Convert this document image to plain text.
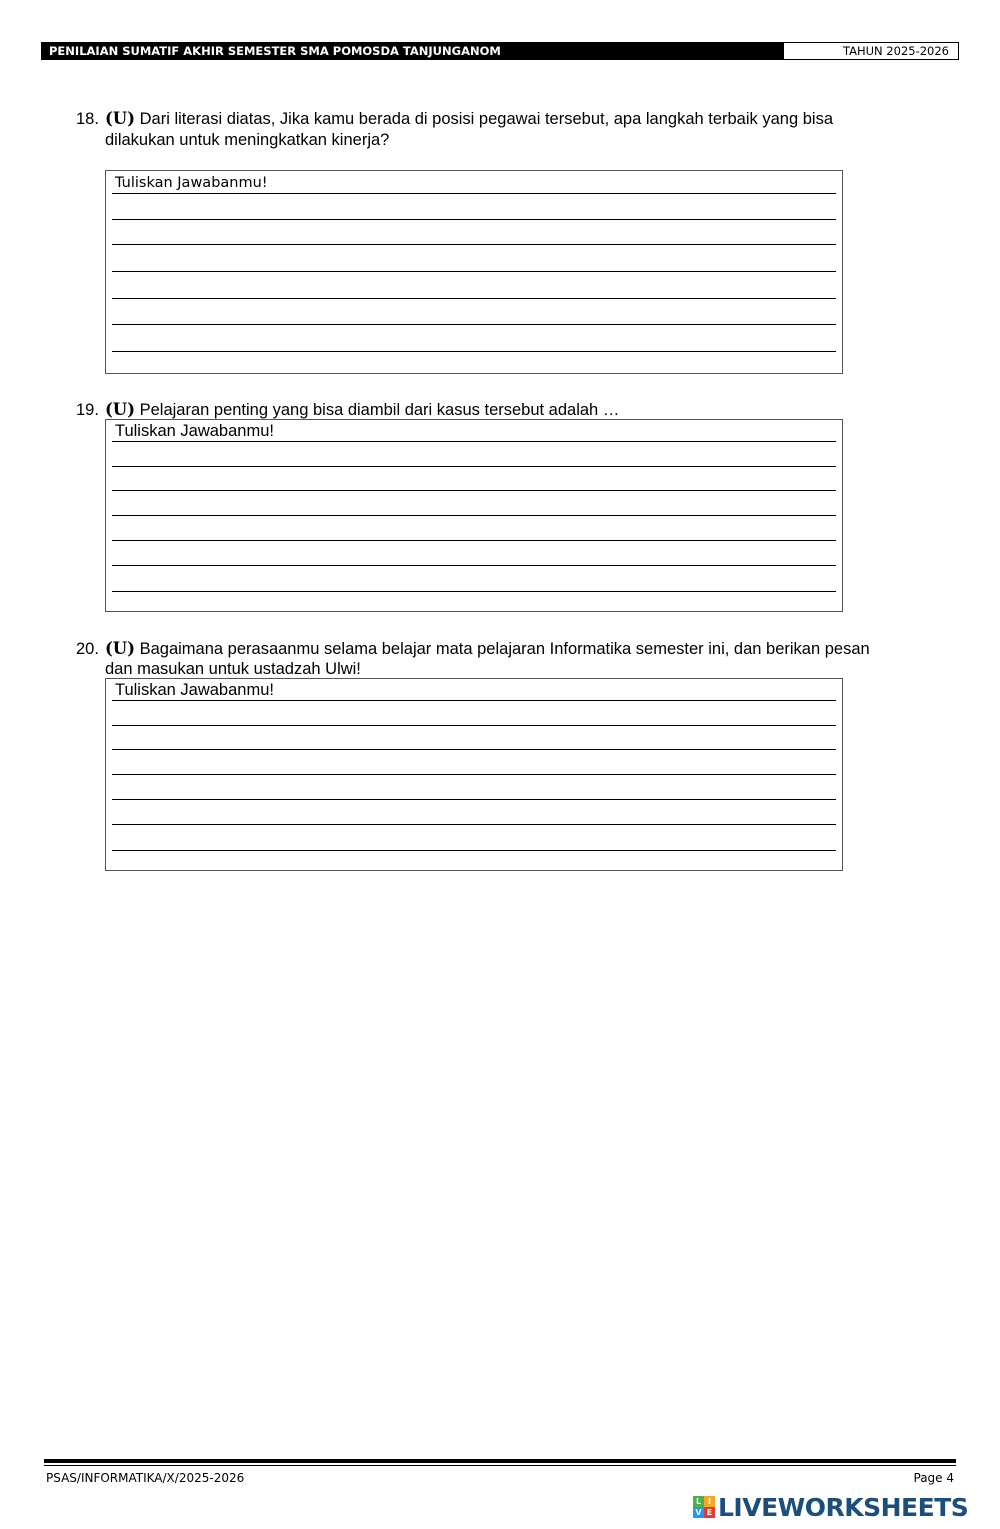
PENILAIAN SUMATIF AKHIR SEMESTER SMA POMOSDA TANJUNGANOM	TAHUN 2025-2026
18. (U) Dari literasi diatas, Jika kamu berada di posisi pegawai tersebut, apa langkah terbaik yang bisa
dilakukan untuk meningkatkan kinerja?
Tuliskan Jawabanmu!
19. (U) Pelajaran penting yang bisa diambil dari kasus tersebut adalah …
Tuliskan Jawabanmu!
20. (U) Bagaimana perasaanmu selama belajar mata pelajaran Informatika semester ini, dan berikan pesan
dan masukan untuk ustadzah Ulwi!
Tuliskan Jawabanmu!
PSAS/INFORMATIKA/X/2025-2026	Page 4
L I
V E LIVEWORKSHEETS
